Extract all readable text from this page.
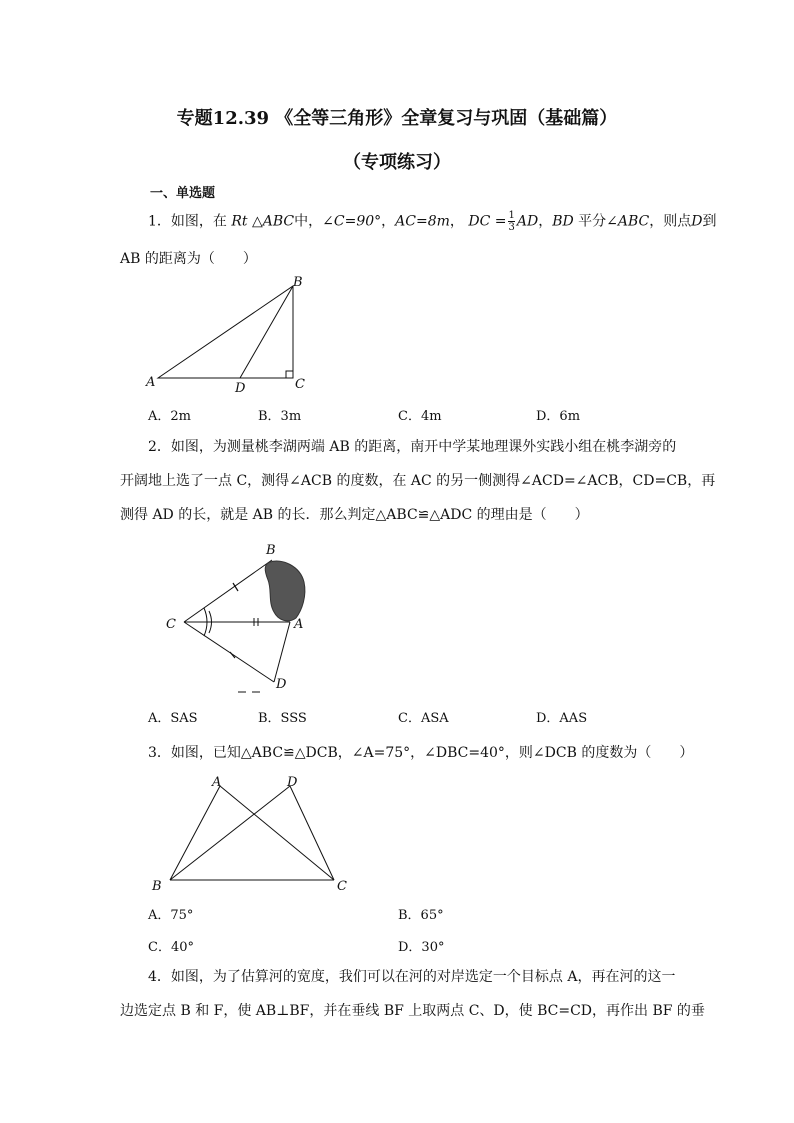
专题12.39 《全等三角形》全章复习与巩固（基础篇）
（专项练习）
一、单选题
1．如图，在 Rt △ABC中，∠C=90°，AC=8m， DC = $\frac{1}{3}$ AD，BD 平分∠ABC，则点D到
AB 的距离为（　　）
A
B
C
D
A．2m	B．3m	C．4m	D．6m
2．如图，为测量桃李湖两端 AB 的距离，南开中学某地理课外实践小组在桃李湖旁的
开阔地上选了一点 C，测得∠ACB 的度数，在 AC 的另一侧测得∠ACD=∠ACB，CD=CB，再
测得 AD 的长，就是 AB 的长．那么判定△ABC≌△ADC 的理由是（　　）
B
C	A
D
A．SAS	B．SSS	C．ASA	D．AAS
3．如图，已知△ABC≌△DCB，∠A=75°，∠DBC=40°，则∠DCB 的度数为（　　）
A	D
B	C
A．75°	B．65°
C．40°	D．30°
4．如图，为了估算河的宽度，我们可以在河的对岸选定一个目标点 A，再在河的这一
边选定点 B 和 F，使 AB⊥BF，并在垂线 BF 上取两点 C、D，使 BC=CD，再作出 BF 的垂
